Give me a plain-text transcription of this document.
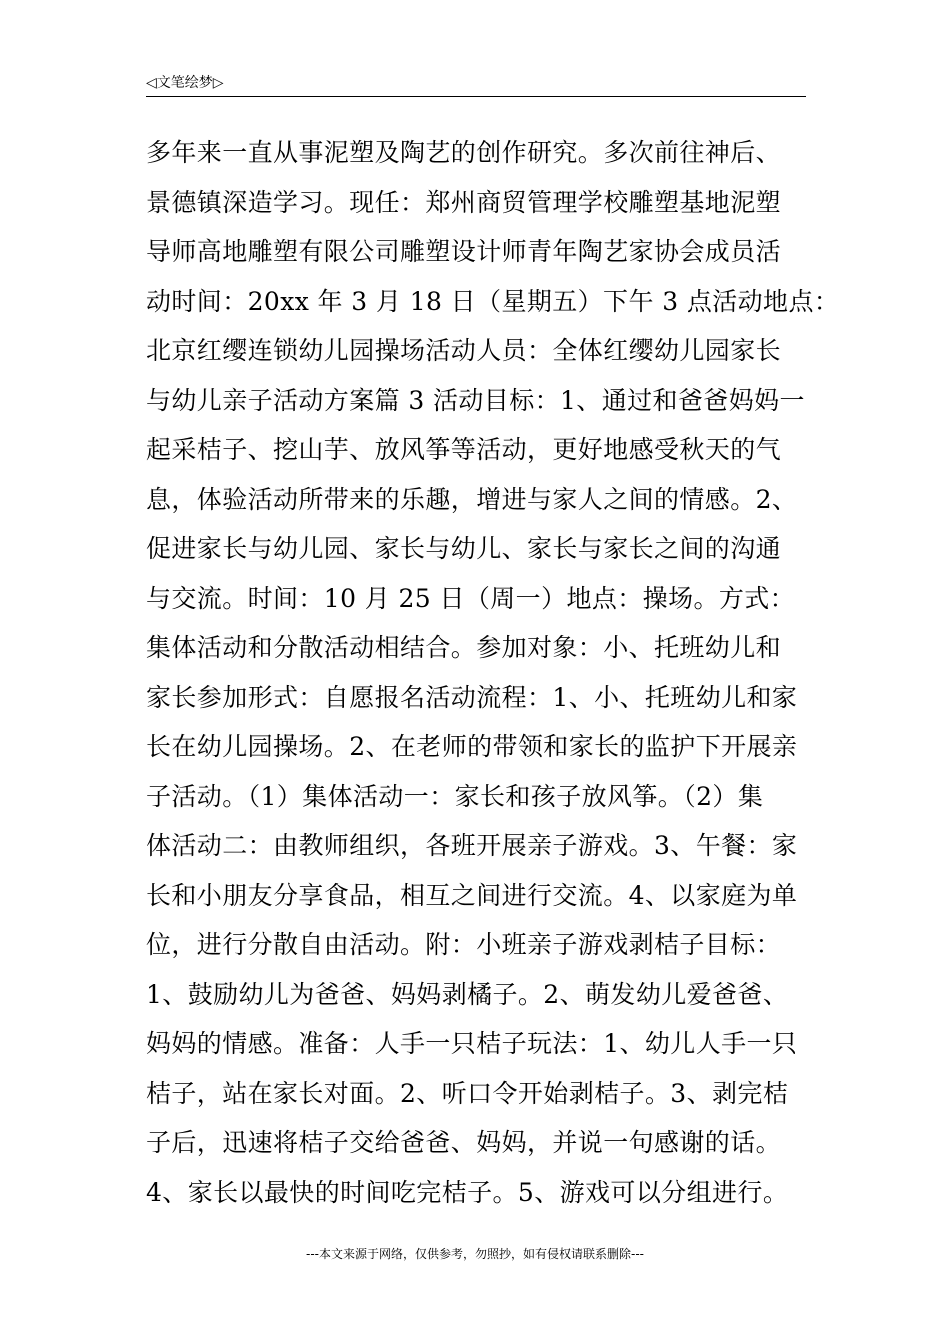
◁文笔绘梦▷
多年来一直从事泥塑及陶艺的创作研究。多次前往神后、
景德镇深造学习。现任：郑州商贸管理学校雕塑基地泥塑
导师高地雕塑有限公司雕塑设计师青年陶艺家协会成员活
动时间：20xx 年 3 月 18 日（星期五）下午 3 点活动地点：
北京红缨连锁幼儿园操场活动人员：全体红缨幼儿园家长
与幼儿亲子活动方案篇 3 活动目标：1、通过和爸爸妈妈一
起采桔子、挖山芋、放风筝等活动，更好地感受秋天的气
息，体验活动所带来的乐趣，增进与家人之间的情感。2、
促进家长与幼儿园、家长与幼儿、家长与家长之间的沟通
与交流。时间：10 月 25 日（周一）地点：操场。方式：
集体活动和分散活动相结合。参加对象：小、托班幼儿和
家长参加形式：自愿报名活动流程：1、小、托班幼儿和家
长在幼儿园操场。2、在老师的带领和家长的监护下开展亲
子活动。（1）集体活动一：家长和孩子放风筝。（2）集
体活动二：由教师组织，各班开展亲子游戏。3、午餐：家
长和小朋友分享食品，相互之间进行交流。4、以家庭为单
位，进行分散自由活动。附：小班亲子游戏剥桔子目标：
1、鼓励幼儿为爸爸、妈妈剥橘子。2、萌发幼儿爱爸爸、
妈妈的情感。准备：人手一只桔子玩法：1、幼儿人手一只
桔子，站在家长对面。2、听口令开始剥桔子。3、剥完桔
子后，迅速将桔子交给爸爸、妈妈，并说一句感谢的话。
4、家长以最快的时间吃完桔子。5、游戏可以分组进行。
---本文来源于网络，仅供参考，勿照抄，如有侵权请联系删除---
